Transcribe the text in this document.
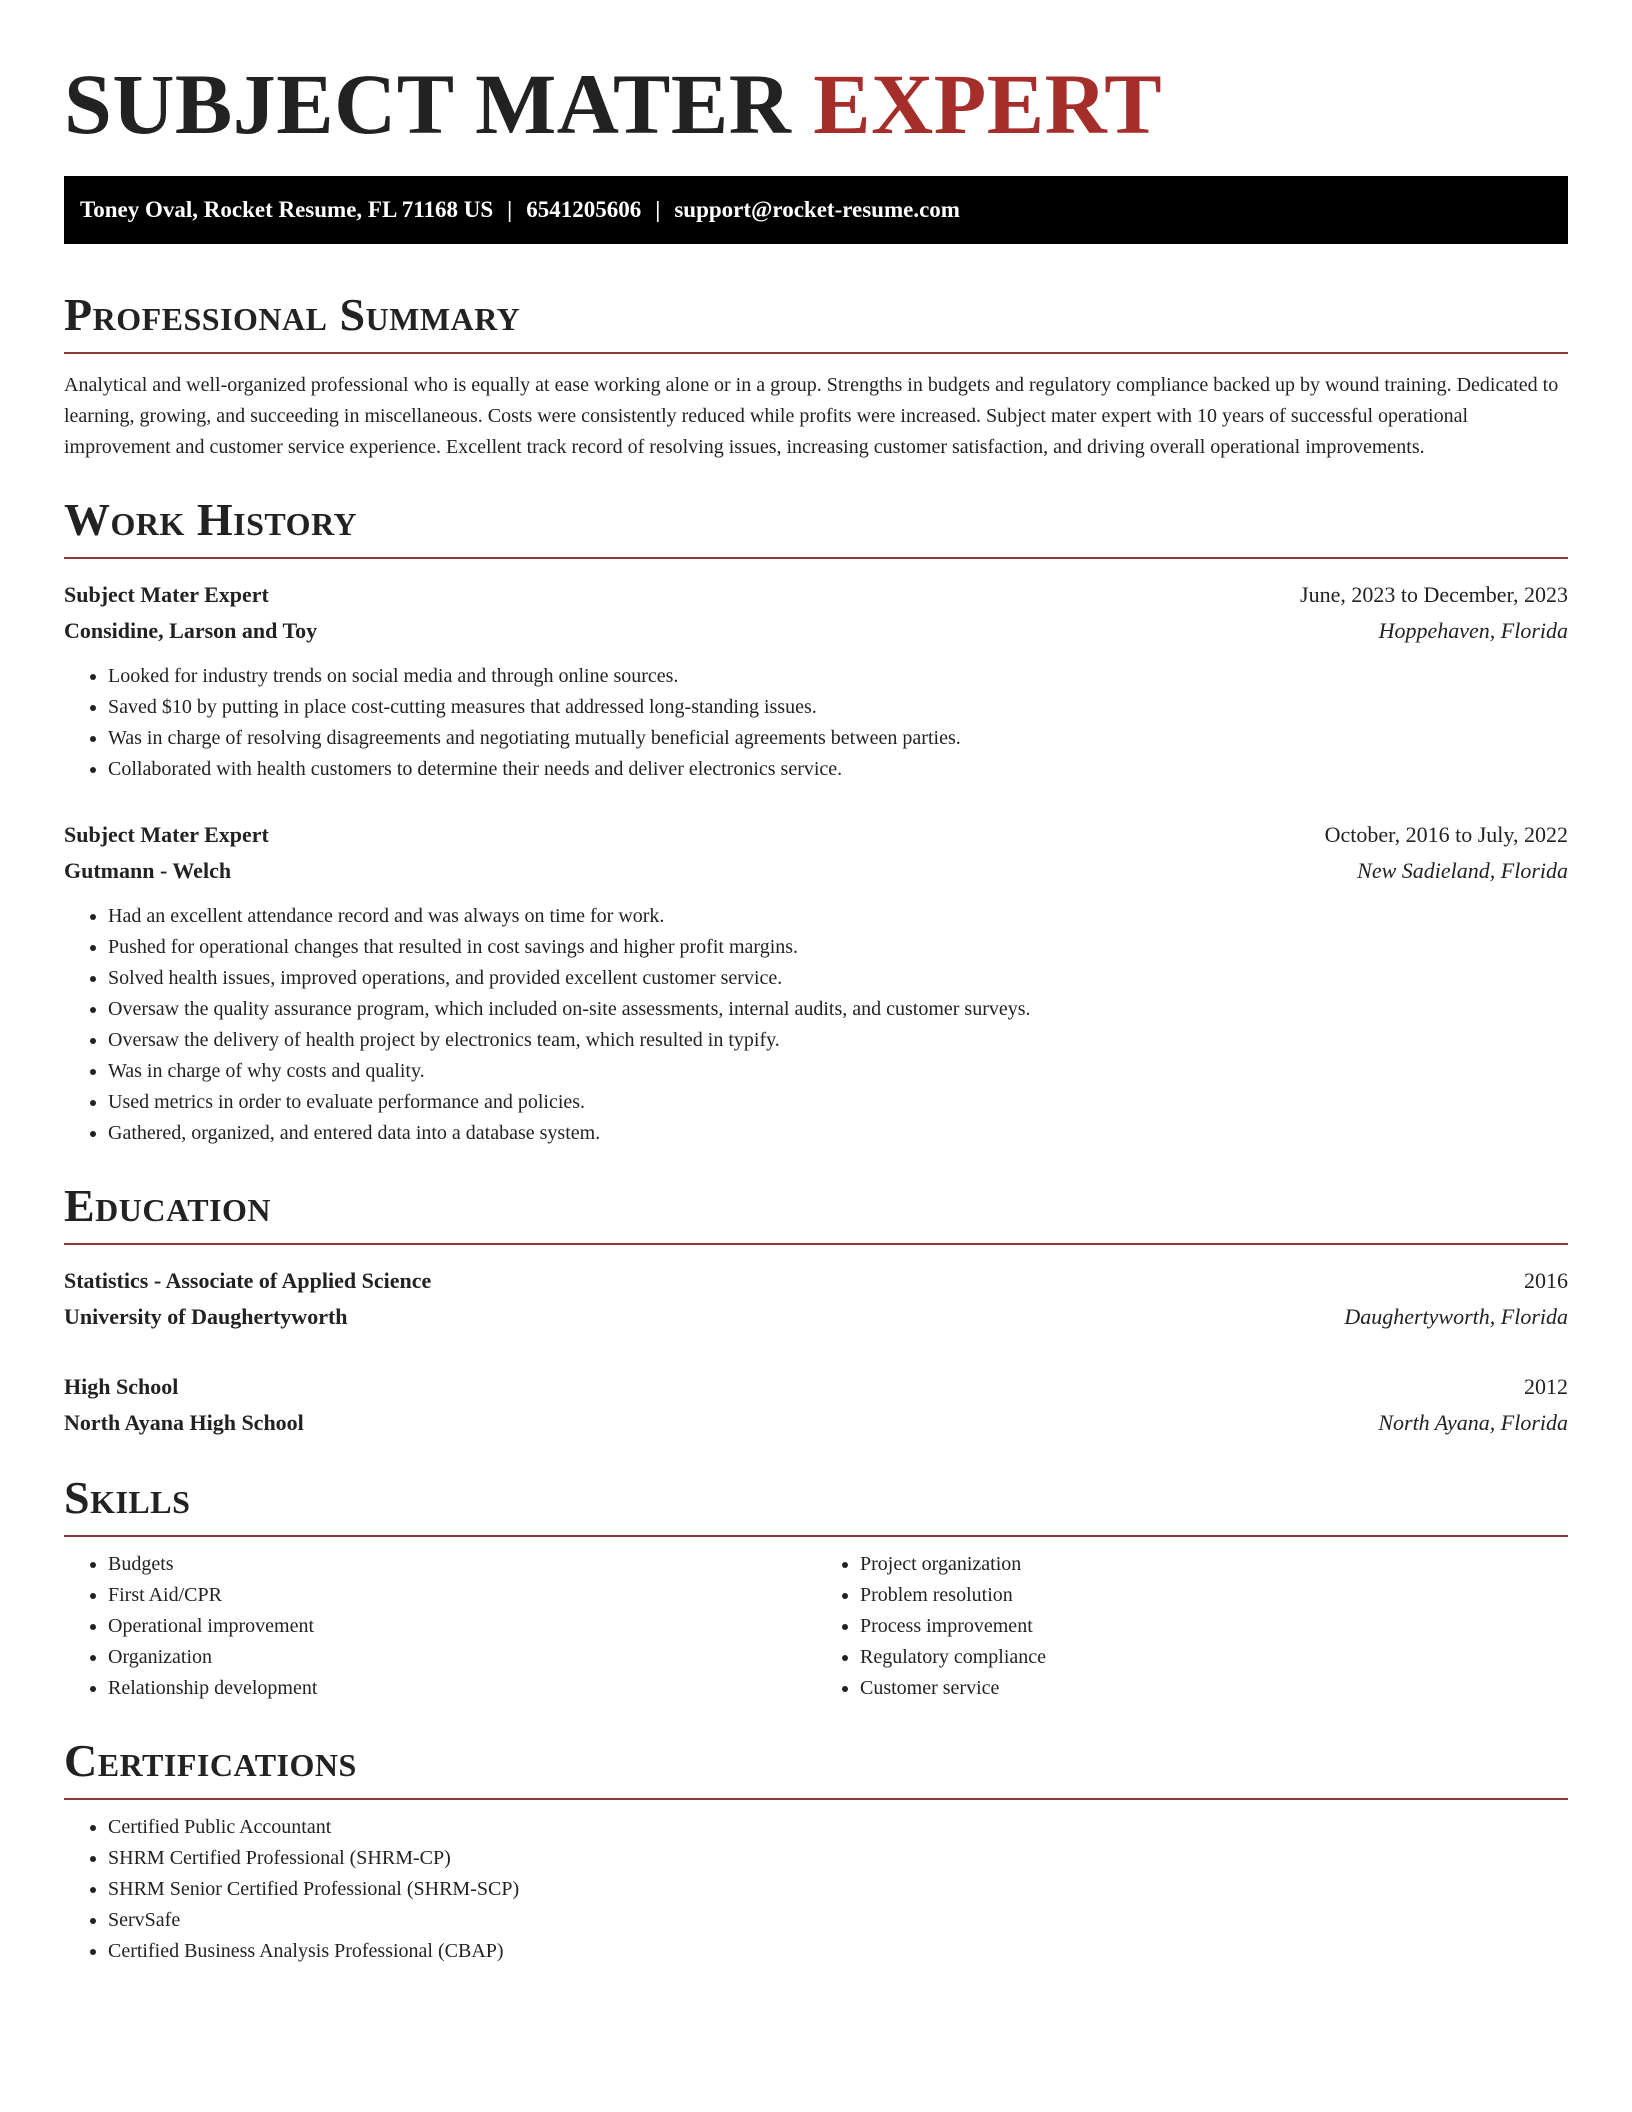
SUBJECT MATER EXPERT
Toney Oval, Rocket Resume, FL 71168 US | 6541205606 | support@rocket-resume.com
Professional Summary

Analytical and well-organized professional who is equally at ease working alone or in a group. Strengths in budgets and regulatory compliance backed up by wound training. Dedicated to learning, growing, and succeeding in miscellaneous. Costs were consistently reduced while profits were increased. Subject mater expert with 10 years of successful operational improvement and customer service experience. Excellent track record of resolving issues, increasing customer satisfaction, and driving overall operational improvements.

Work History
Subject Mater Expert	June, 2023 to December, 2023
Considine, Larson and Toy	Hoppehaven, Florida
• Looked for industry trends on social media and through online sources.
• Saved $10 by putting in place cost-cutting measures that addressed long-standing issues.
• Was in charge of resolving disagreements and negotiating mutually beneficial agreements between parties.
• Collaborated with health customers to determine their needs and deliver electronics service.
Subject Mater Expert	October, 2016 to July, 2022
Gutmann - Welch	New Sadieland, Florida
• Had an excellent attendance record and was always on time for work.
• Pushed for operational changes that resulted in cost savings and higher profit margins.
• Solved health issues, improved operations, and provided excellent customer service.
• Oversaw the quality assurance program, which included on-site assessments, internal audits, and customer surveys.
• Oversaw the delivery of health project by electronics team, which resulted in typify.
• Was in charge of why costs and quality.
• Used metrics in order to evaluate performance and policies.
• Gathered, organized, and entered data into a database system.
Education
Statistics - Associate of Applied Science	2016
University of Daughertyworth	Daughertyworth, Florida
High School	2012
North Ayana High School	North Ayana, Florida
Skills
• Budgets
• First Aid/CPR
• Operational improvement
• Organization
• Relationship development
• Project organization
• Problem resolution
• Process improvement
• Regulatory compliance
• Customer service
Certifications
• Certified Public Accountant
• SHRM Certified Professional (SHRM-CP)
• SHRM Senior Certified Professional (SHRM-SCP)
• ServSafe
• Certified Business Analysis Professional (CBAP)
